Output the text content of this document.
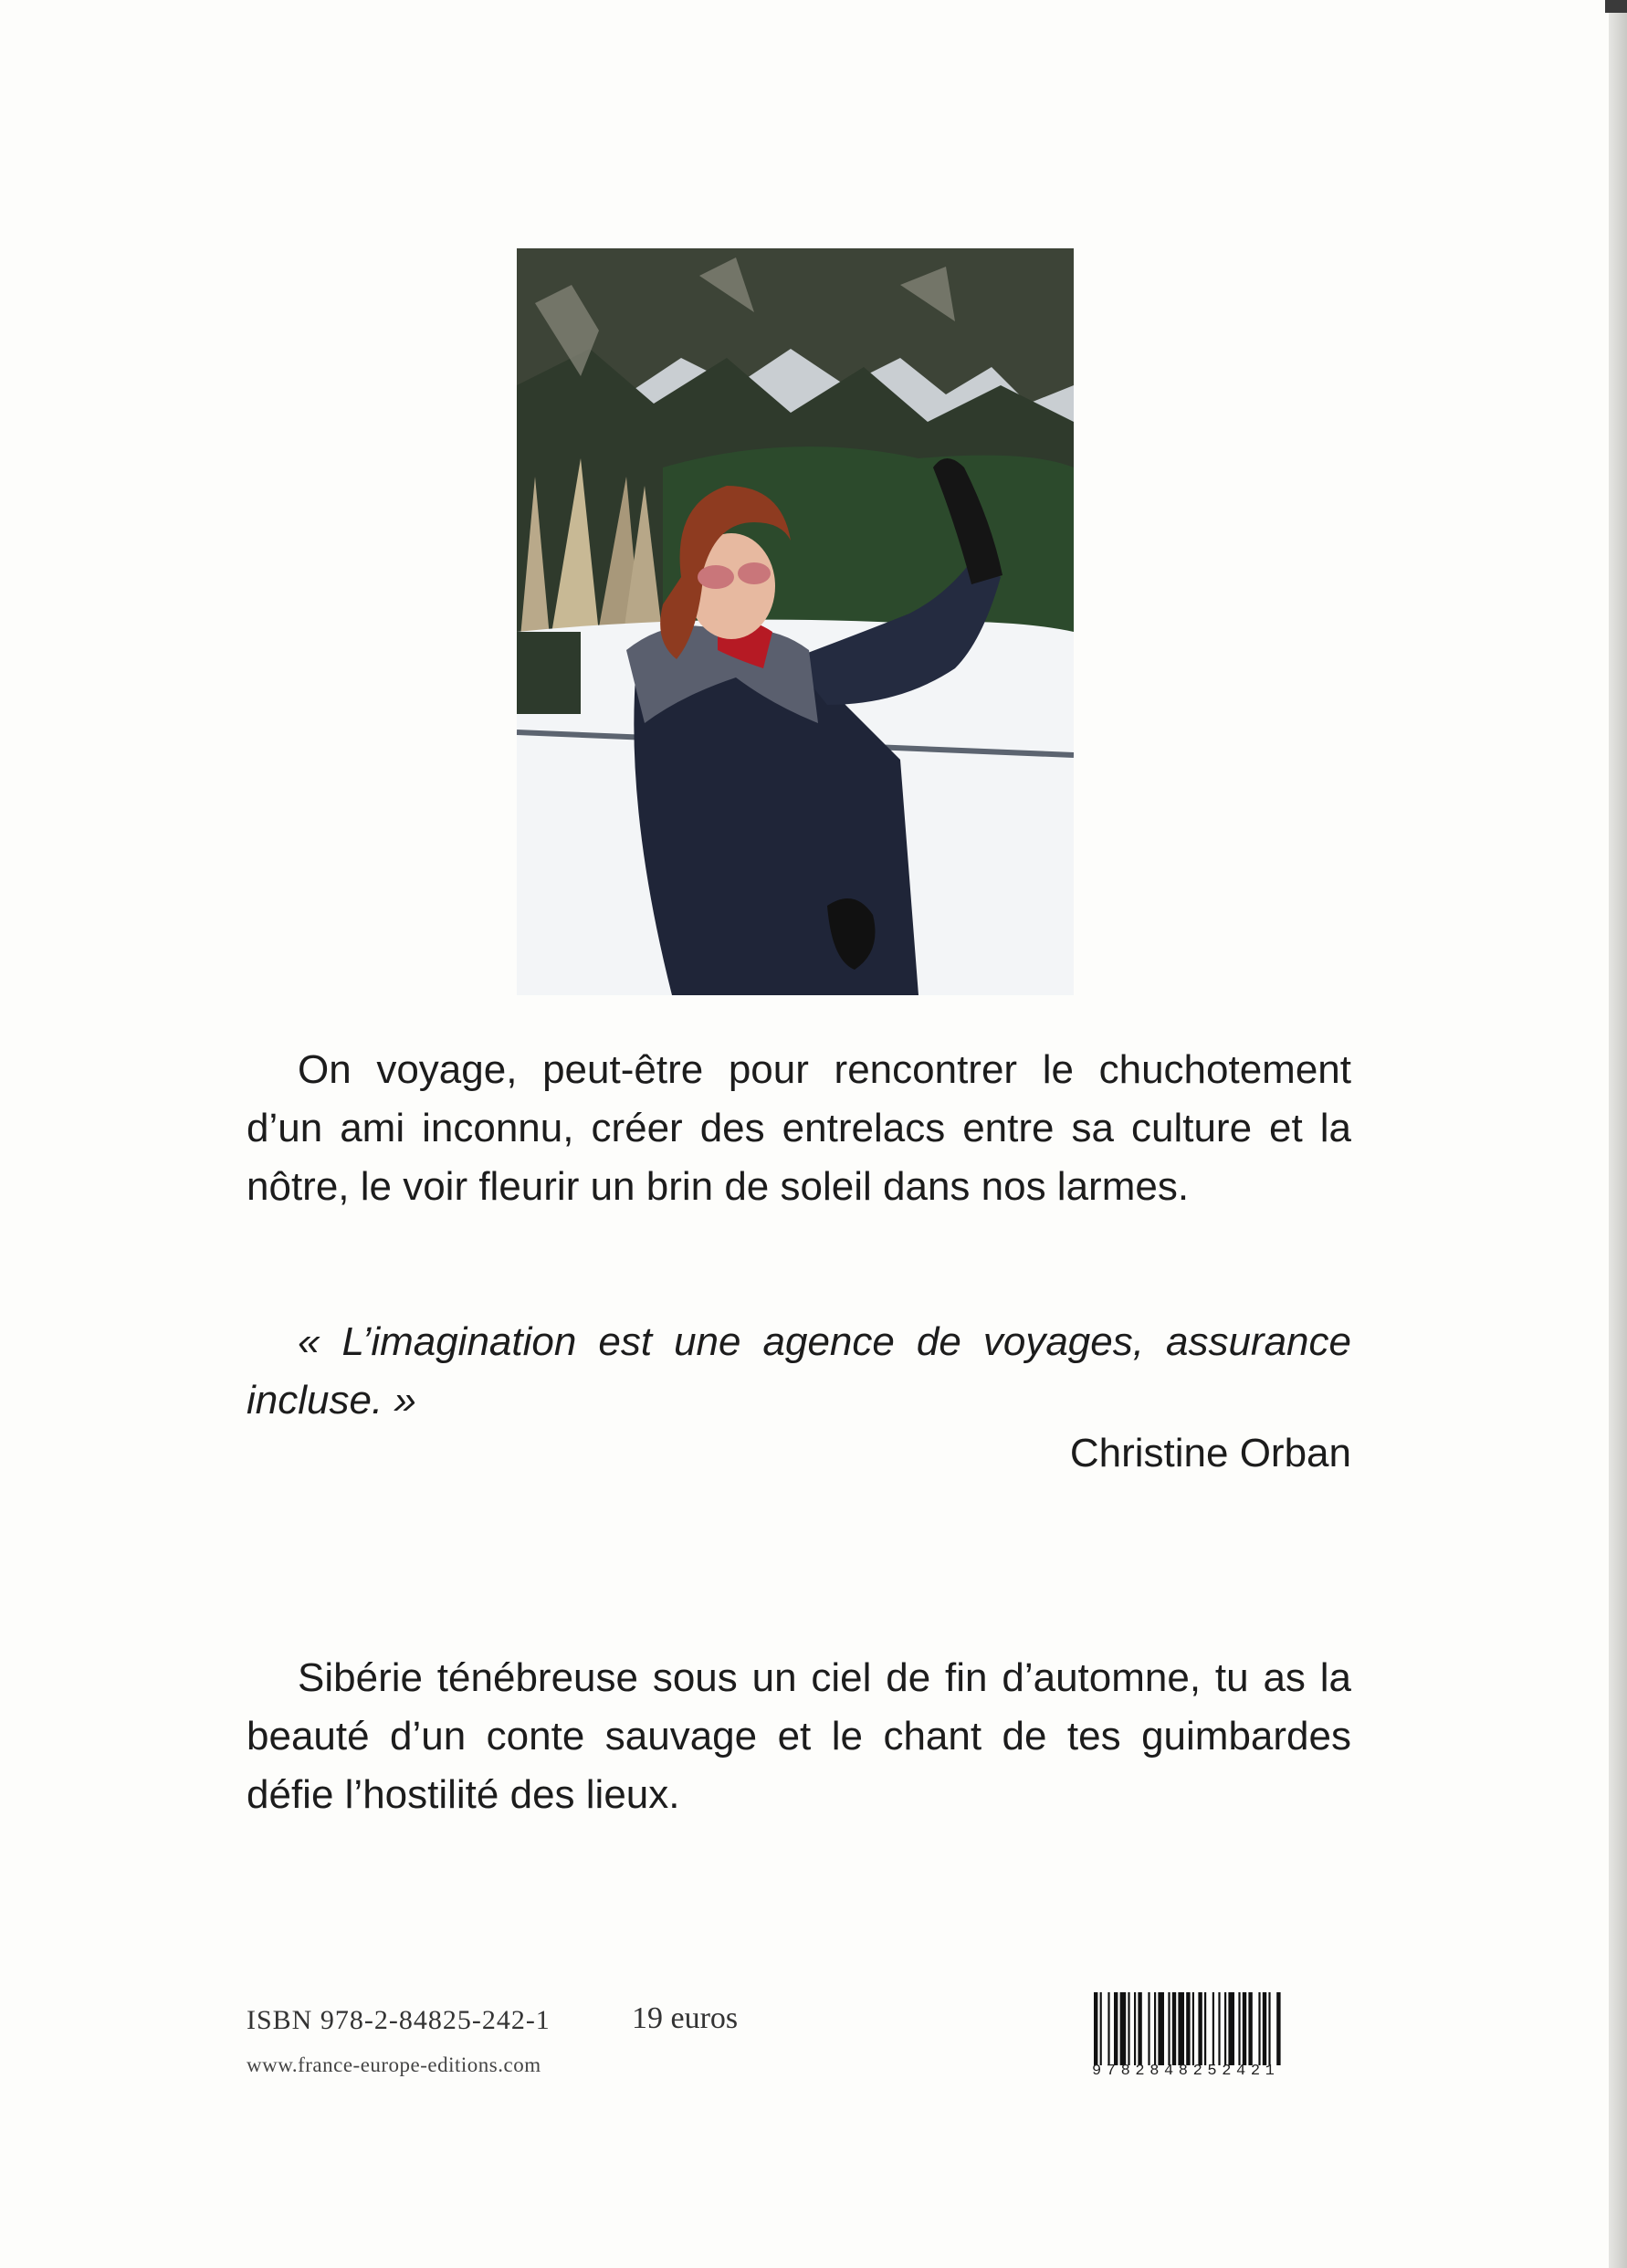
On voyage, peut-être pour rencontrer le chuchotement d’un ami inconnu, créer des entrelacs entre sa culture et la nôtre, le voir fleurir un brin de soleil dans nos larmes.

« L’imagination est une agence de voyages, assurance incluse. »

Christine Orban

Sibérie ténébreuse sous un ciel de fin d’automne, tu as la beauté d’un conte sauvage et le chant de tes guimbardes défie l’hostilité des lieux.

ISBN 978-2-84825-242-1	19 euros
www.france-europe-editions.com	9782848252421
